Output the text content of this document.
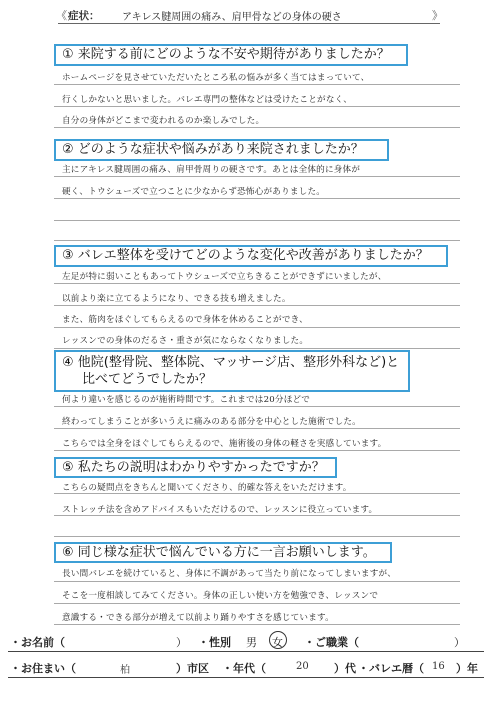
《 症状： アキレス腱周囲の痛み、肩甲骨などの身体の硬さ	》
① 来院する前にどのような不安や期待がありましたか？
ホームページを見させていただいたところ私の悩みが多く当てはまっていて、
行くしかないと思いました。バレエ専門の整体などは受けたことがなく、
自分の身体がどこまで変われるのか楽しみでした。
② どのような症状や悩みがあり来院されましたか？
主にアキレス腱周囲の痛み、肩甲骨周りの硬さです。あとは全体的に身体が
硬く、トウシューズで立つことに少なからず恐怖心がありました。
③ バレエ整体を受けてどのような変化や改善がありましたか？
左足が特に弱いこともあってトウシューズで立ちきることができずにいましたが、
以前より楽に立てるようになり、できる技も増えました。
また、筋肉をほぐしてもらえるので身体を休めることができ、
レッスンでの身体のだるさ・重さが気にならなくなりました。
④ 他院(整骨院、整体院、マッサージ店、整形外科など)と
比べてどうでしたか？
何より違いを感じるのが施術時間です。これまでは20分ほどで
終わってしまうことが多いうえに痛みのある部分を中心とした施術でした。
こちらでは全身をほぐしてもらえるので、施術後の身体の軽さを実感しています。
⑤ 私たちの説明はわかりやすかったですか？
こちらの疑問点をきちんと聞いてくださり、的確な答えをいただけます。
ストレッチ法を含めアドバイスもいただけるので、レッスンに役立っています。
⑥ 同じ様な症状で悩んでいる方に一言お願いします。
長い間バレエを続けていると、身体に不調があって当たり前になってしまいますが、
そこを一度相談してみてください。身体の正しい使い方を勉強でき、レッスンで
意識する・できる部分が増えて以前より踊りやすさを感じています。
・お名前（	） ・性別 男 女 ・ご職業（	）
・お住まい（	柏	）市区 ・年代（	20 ）代 ・バレエ暦（ 16 ）年
